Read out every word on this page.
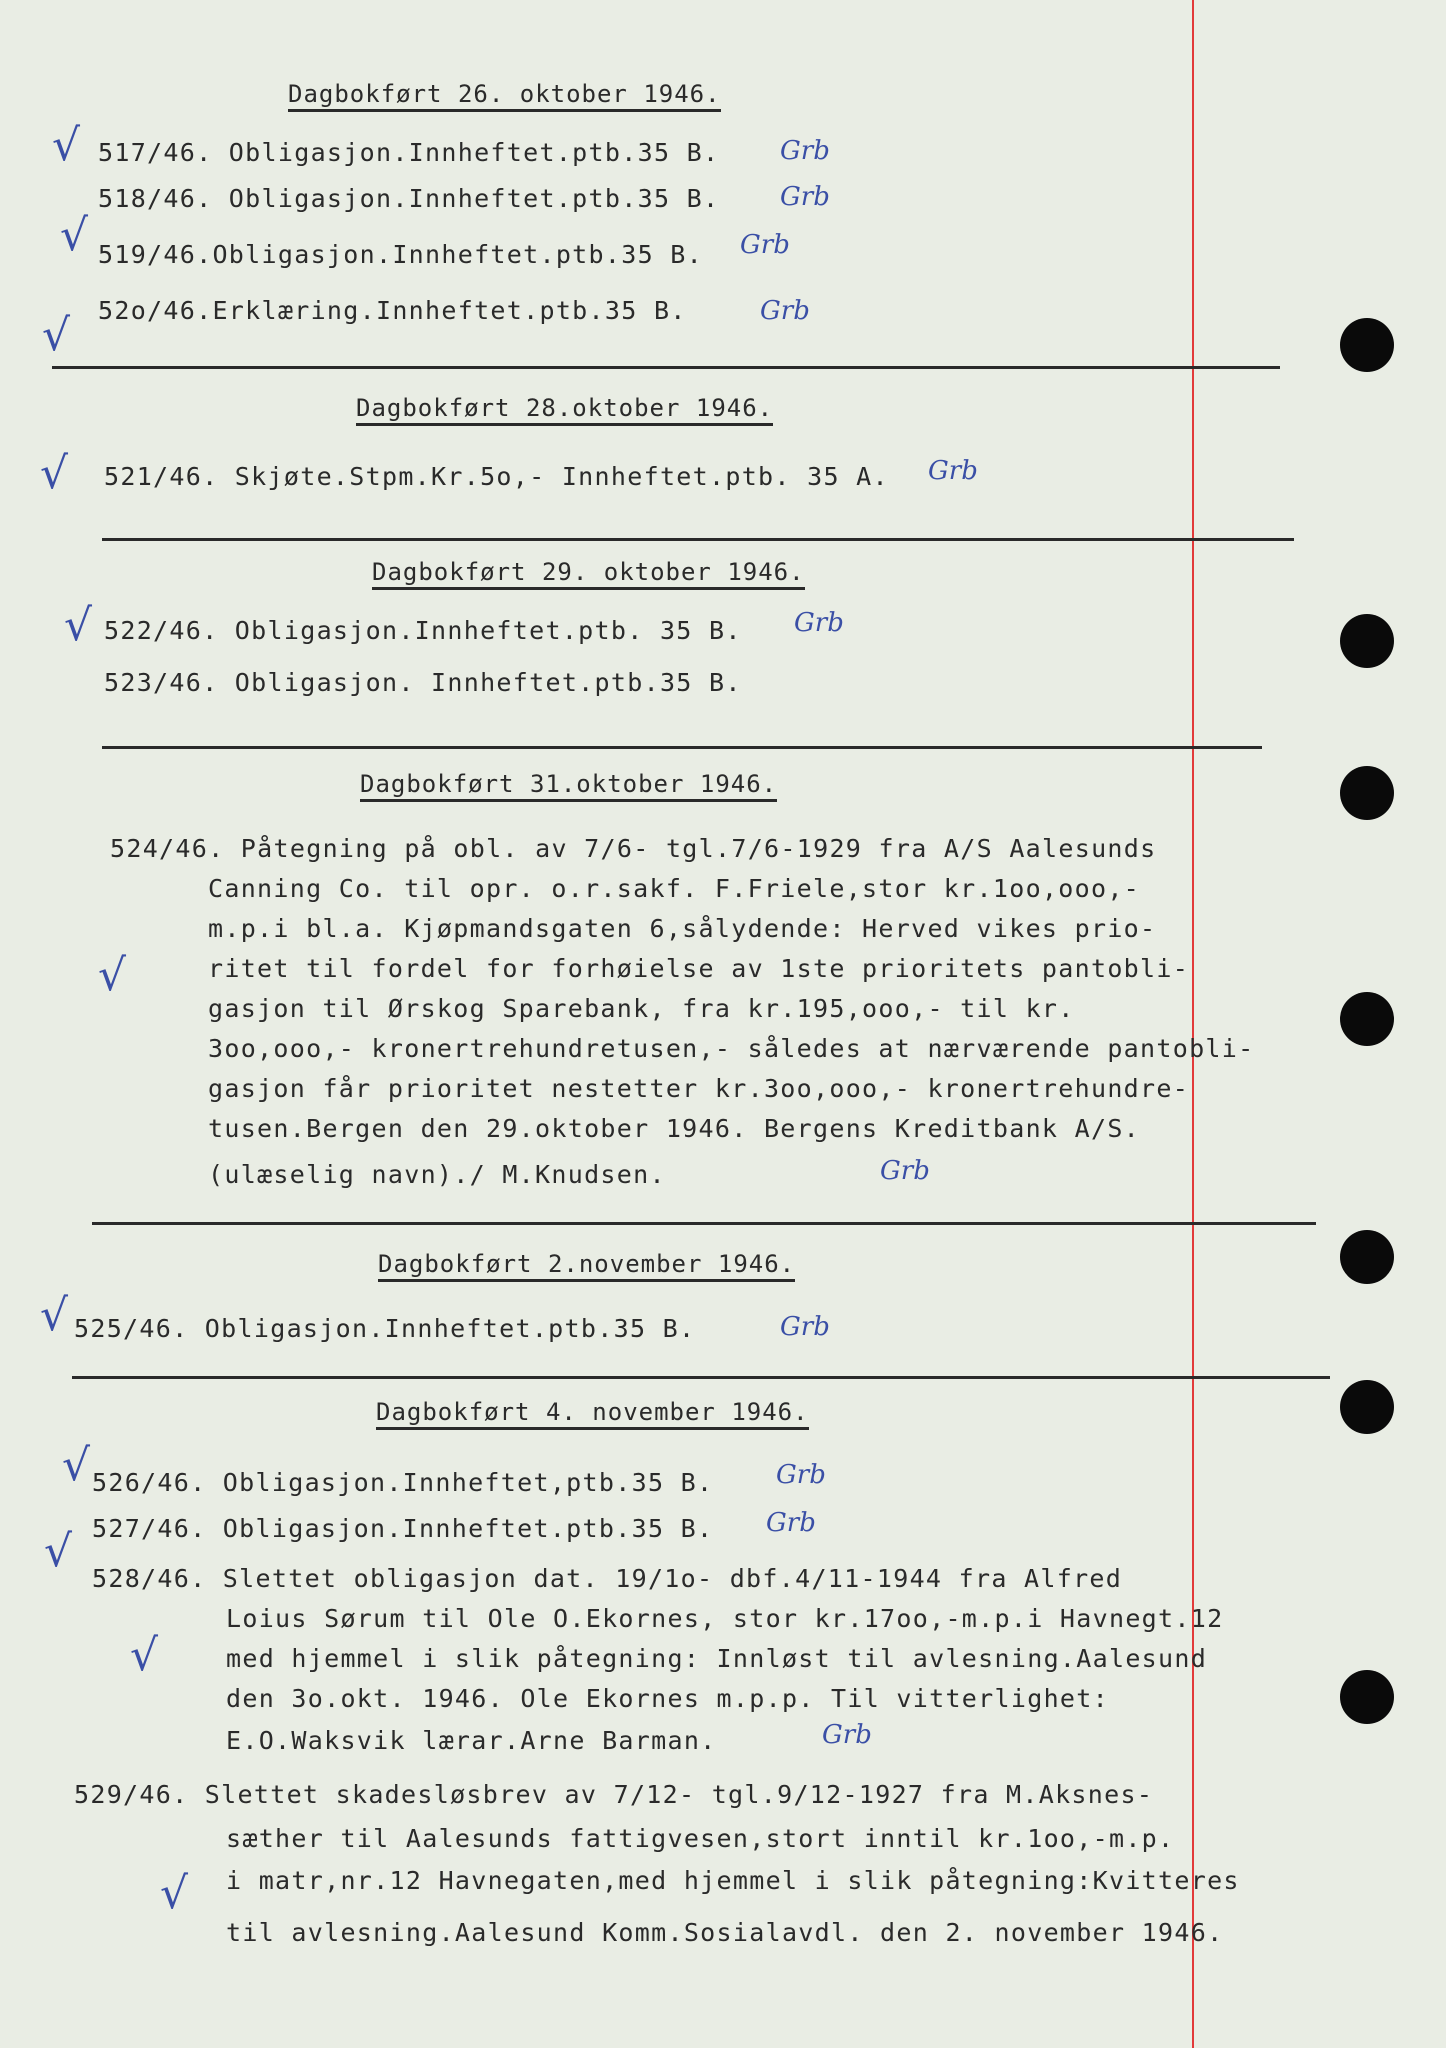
Dagbokført 26. oktober 1946.
517/46. Obligasjon.Innheftet.ptb.35 B.
518/46. Obligasjon.Innheftet.ptb.35 B.
519/46.Obligasjon.Innheftet.ptb.35 B.
52o/46.Erklæring.Innheftet.ptb.35 B.
Grb
Grb
Grb
Grb
√
√
√
Dagbokført 28.oktober 1946.
521/46. Skjøte.Stpm.Kr.5o,- Innheftet.ptb. 35 A. Grb
√
Dagbokført 29. oktober 1946.
522/46. Obligasjon.Innheftet.ptb. 35 B.
523/46. Obligasjon. Innheftet.ptb.35 B.
Grb
√
Dagbokført 31.oktober 1946.
524/46. Påtegning på obl. av 7/6- tgl.7/6-1929 fra A/S Aalesunds
Canning Co. til opr. o.r.sakf. F.Friele,stor kr.1oo,ooo,-
m.p.i bl.a. Kjøpmandsgaten 6,sålydende: Herved vikes prio-
ritet til fordel for forhøielse av 1ste prioritets pantobli-
gasjon til Ørskog Sparebank, fra kr.195,ooo,- til kr.
3oo,ooo,- kronertrehundretusen,- således at nærværende pantobli-
gasjon får prioritet nestetter kr.3oo,ooo,- kronertrehundre-
tusen.Bergen den 29.oktober 1946. Bergens Kreditbank A/S.
(ulæselig navn)./ M.Knudsen.	Grb
√
Dagbokført 2.november 1946.
525/46. Obligasjon.Innheftet.ptb.35 B.	Grb
√
Dagbokført 4. november 1946.
526/46. Obligasjon.Innheftet,ptb.35 B.
527/46. Obligasjon.Innheftet.ptb.35 B.
528/46. Slettet obligasjon dat. 19/1o- dbf.4/11-1944 fra Alfred
Loius Sørum til Ole O.Ekornes, stor kr.17oo,-m.p.i Havnegt.12
med hjemmel i slik påtegning: Innløst til avlesning.Aalesund
den 3o.okt. 1946. Ole Ekornes m.p.p. Til vitterlighet:
E.O.Waksvik lærar.Arne Barman.
529/46. Slettet skadesløsbrev av 7/12- tgl.9/12-1927 fra M.Aksnes-
sæther til Aalesunds fattigvesen,stort inntil kr.1oo,-m.p.
i matr,nr.12 Havnegaten,med hjemmel i slik påtegning:Kvitteres
til avlesning.Aalesund Komm.Sosialavdl. den 2. november 1946.
Grb
Grb
Grb
√
√
√
√
